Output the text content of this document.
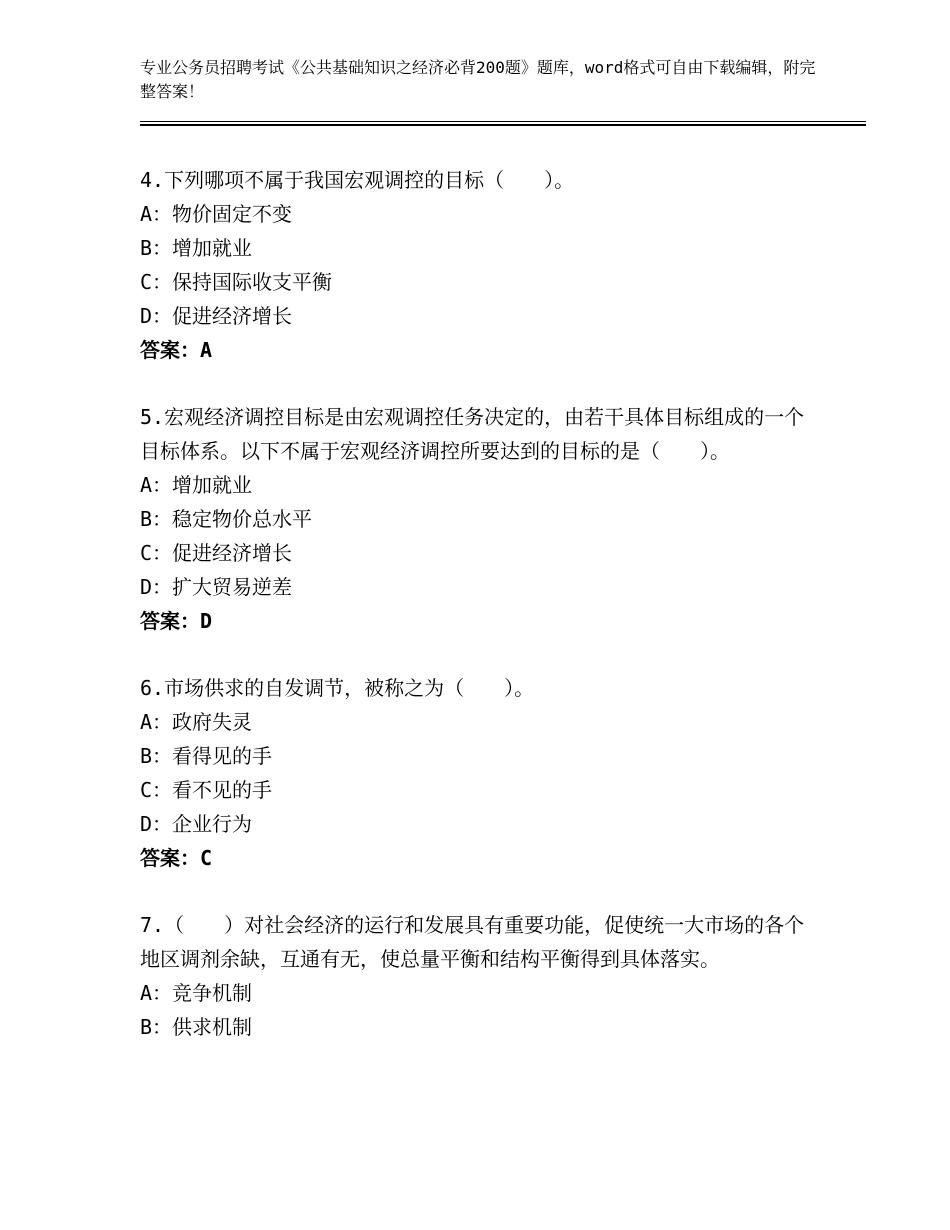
专业公务员招聘考试《公共基础知识之经济必背200题》题库，word格式可自由下载编辑，附完整答案！

4.下列哪项不属于我国宏观调控的目标（　　）。

A：物价固定不变

B：增加就业

C：保持国际收支平衡

D：促进经济增长

答案：A

5.宏观经济调控目标是由宏观调控任务决定的，由若干具体目标组成的一个目标体系。以下不属于宏观经济调控所要达到的目标的是（　　）。

A：增加就业

B：稳定物价总水平

C：促进经济增长

D：扩大贸易逆差

答案：D

6.市场供求的自发调节，被称之为（　　）。

A：政府失灵

B：看得见的手

C：看不见的手

D：企业行为

答案：C

7.（　　）对社会经济的运行和发展具有重要功能，促使统一大市场的各个地区调剂余缺，互通有无，使总量平衡和结构平衡得到具体落实。

A：竞争机制

B：供求机制
